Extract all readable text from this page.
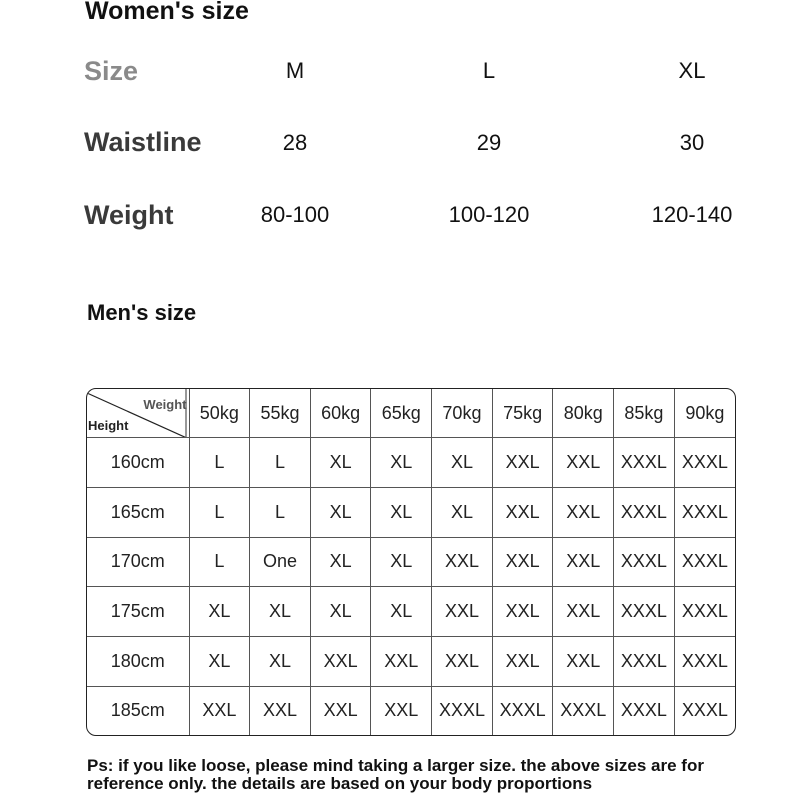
Women's size
Size	M	L	XL
Waistline	28	29	30
Weight	80-100	100-120	120-140
Men's size
Weight
Height	50kg	55kg	60kg	65kg	70kg	75kg	80kg	85kg	90kg
160cm	L	L	XL	XL	XL	XXL	XXL	XXXL	XXXL
165cm	L	L	XL	XL	XL	XXL	XXL	XXXL	XXXL
170cm	L	One	XL	XL	XXL	XXL	XXL	XXXL	XXXL
175cm	XL	XL	XL	XL	XXL	XXL	XXL	XXXL	XXXL
180cm	XL	XL	XXL	XXL	XXL	XXL	XXL	XXXL	XXXL
185cm	XXL	XXL	XXL	XXL	XXXL	XXXL	XXXL	XXXL	XXXL
Ps: if you like loose, please mind taking a larger size. the above sizes are for reference only. the details are based on your body proportions
